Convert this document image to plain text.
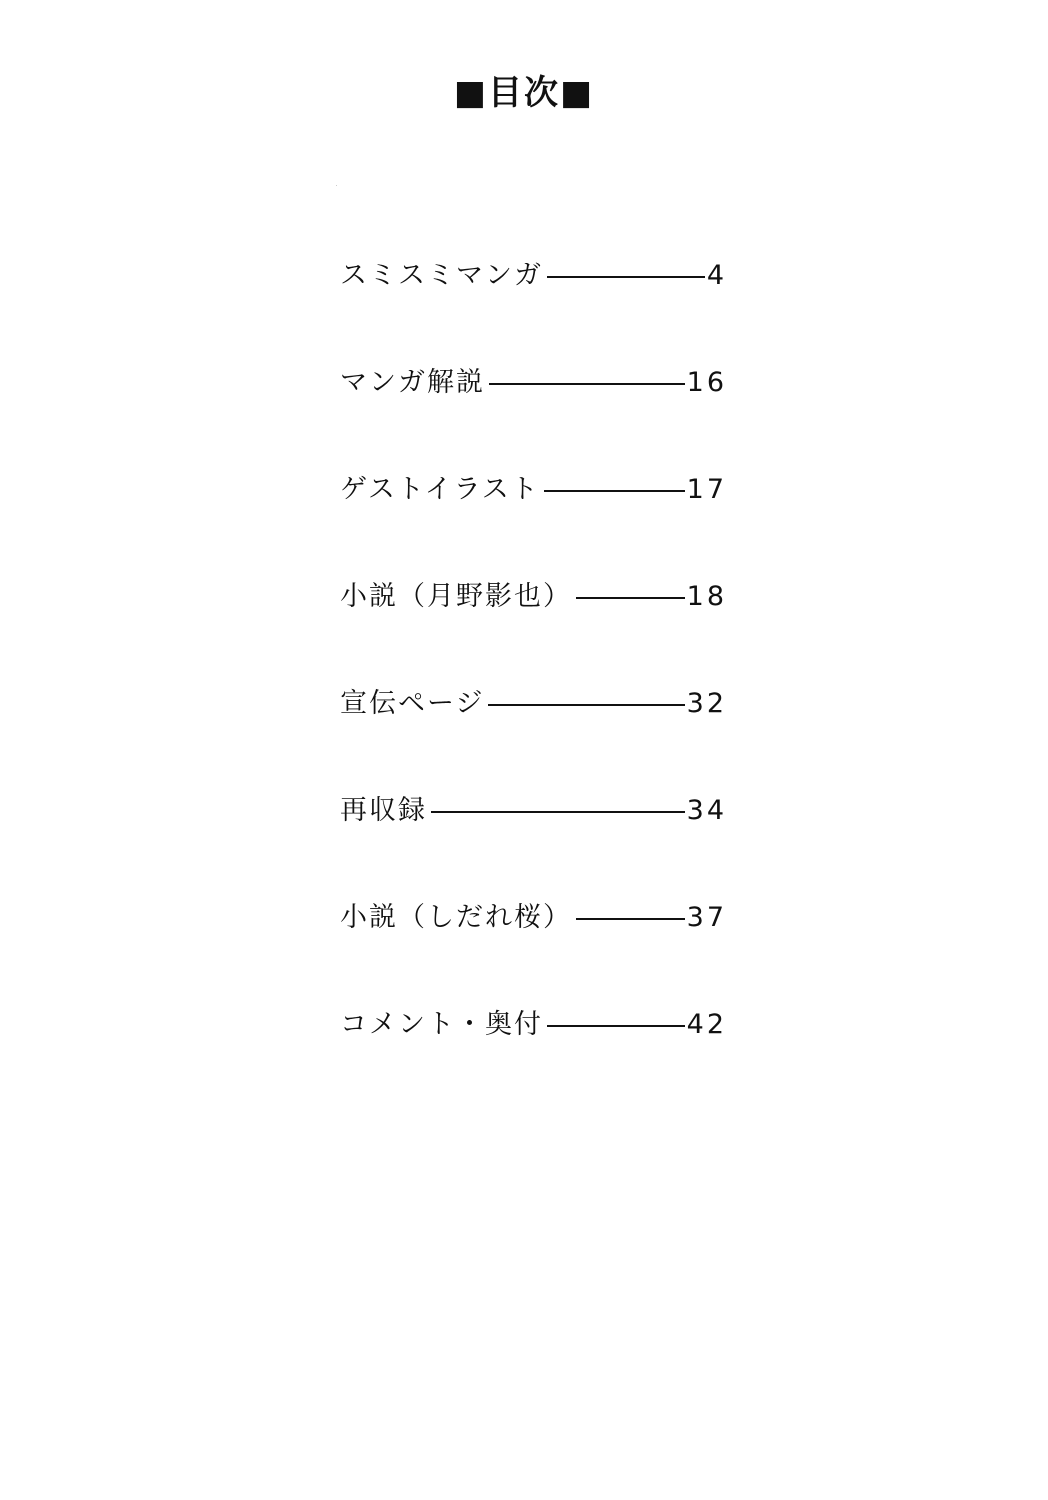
■目次■
スミスミマンガ	4
マンガ解説	16
ゲストイラスト	17
小説（月野影也）	18
宣伝ページ	32
再収録	34
小説（しだれ桜）	37
コメント・奥付	42
